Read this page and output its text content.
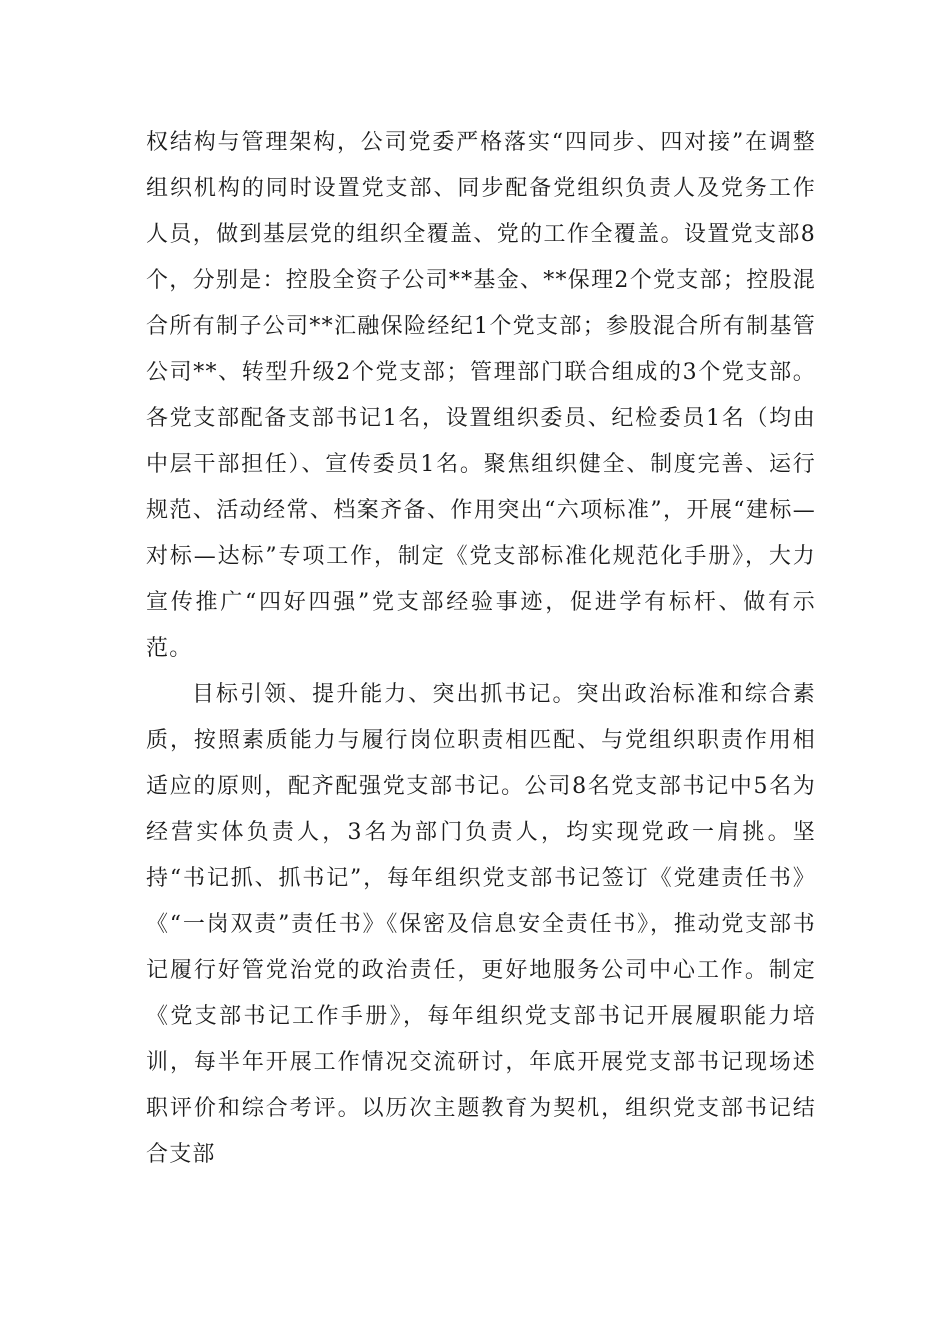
权结构与管理架构，公司党委严格落实“四同步、四对接”在调整组织机构的同时设置党支部、同步配备党组织负责人及党务工作人员，做到基层党的组织全覆盖、党的工作全覆盖。设置党支部8个，分别是：控股全资子公司**基金、**保理2个党支部；控股混合所有制子公司**汇融保险经纪1个党支部；参股混合所有制基管公司**、转型升级2个党支部；管理部门联合组成的3个党支部。各党支部配备支部书记1名，设置组织委员、纪检委员1名（均由中层干部担任）、宣传委员1名。聚焦组织健全、制度完善、运行规范、活动经常、档案齐备、作用突出“六项标准”，开展“建标—对标—达标”专项工作，制定《党支部标准化规范化手册》，大力宣传推广“四好四强”党支部经验事迹，促进学有标杆、做有示范。

目标引领、提升能力、突出抓书记。突出政治标准和综合素质，按照素质能力与履行岗位职责相匹配、与党组织职责作用相适应的原则，配齐配强党支部书记。公司8名党支部书记中5名为经营实体负责人，3名为部门负责人，均实现党政一肩挑。坚持“书记抓、抓书记”，每年组织党支部书记签订《党建责任书》《“一岗双责”责任书》《保密及信息安全责任书》，推动党支部书记履行好管党治党的政治责任，更好地服务公司中心工作。制定《党支部书记工作手册》，每年组织党支部书记开展履职能力培训，每半年开展工作情况交流研讨，年底开展党支部书记现场述职评价和综合考评。以历次主题教育为契机，组织党支部书记结合支部
